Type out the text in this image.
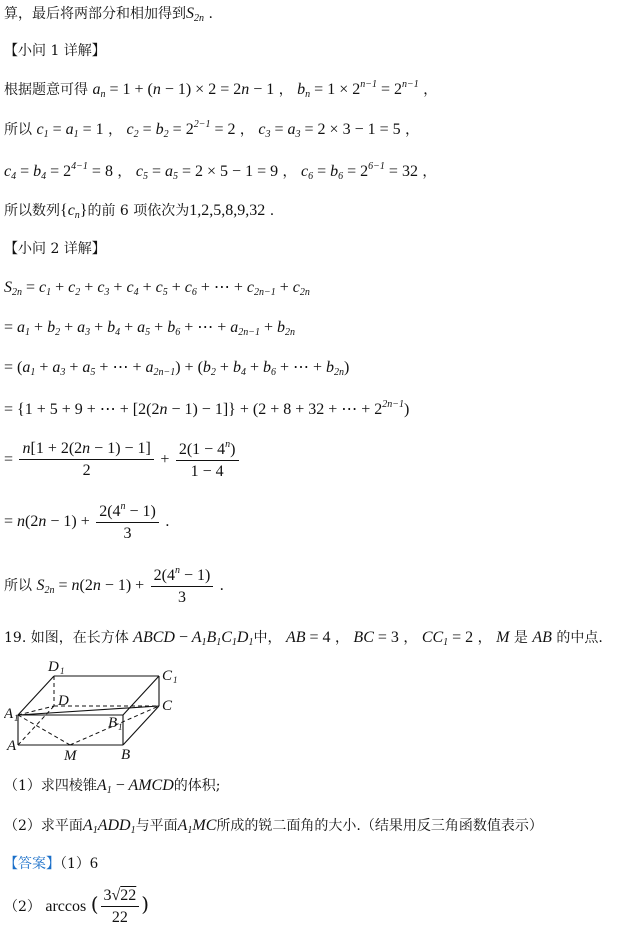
算，最后将两部分和相加得到$S_{2n}$ .
【小问 1 详解】
根据题意可得 $a_n = 1 + (n - 1) \times 2 = 2n - 1$ ， $b_n = 1 \times 2^{n-1} = 2^{n-1}$ ，
所以 $c_1 = a_1 = 1$ ， $c_2 = b_2 = 2^{2-1} = 2$ ， $c_3 = a_3 = 2 \times 3 - 1 = 5$ ，
$c_4 = b_4 = 2^{4-1} = 8$ ， $c_5 = a_5 = 2 \times 5 - 1 = 9$ ， $c_6 = b_6 = 2^{6-1} = 32$ ，
所以数列$\{c_n\}$的前 6 项依次为1,2,5,8,9,32 .
【小问 2 详解】
$S_{2n} = c_1 + c_2 + c_3 + c_4 + c_5 + c_6$ + ⋯ + $c_{2n-1} + c_{2n}$
= $a_1 + b_2 + a_3 + b_4 + a_5 + b_6$ + ⋯ + $a_{2n-1} + b_{2n}$
= ($a_1 + a_3 + a_5$ + ⋯ + $a_{2n-1}) + (b_2 + b_4 + b_6$ + ⋯ + $b_{2n}$)
= {1 + 5 + 9 + ⋯ + [2(2n − 1) − 1]} + (2 + 8 + 32 + ⋯ + $2^{2n-1}$)
= $\frac{n[1 + 2(2n - 1) - 1]}{2} + \frac{2(1 - 4^n)}{1 - 4}$
= $n(2n - 1) + \frac{2(4^n - 1)}{3}$ .
所以 $S_{2n} = n(2n - 1) + \frac{2(4^n - 1)}{3}$ .
19. 如图，在长方体 ABCD − $A_1B_1C_1D_1$中， AB = 4 ， BC = 3 ， $CC_1 = 2$ ， M 是 AB 的中点.
D 1	C 1
D	C
A 1	B 1
A
M	B
（1）求四棱锥$A_1$ − AMCD的体积;
（2）求平面$A_1ADD_1$与平面$A_1MC$所成的锐二面角的大小.（结果用反三角函数值表示）
【答案】（1）6
（2） arccos ( $\frac{3√22}{22}$ )
